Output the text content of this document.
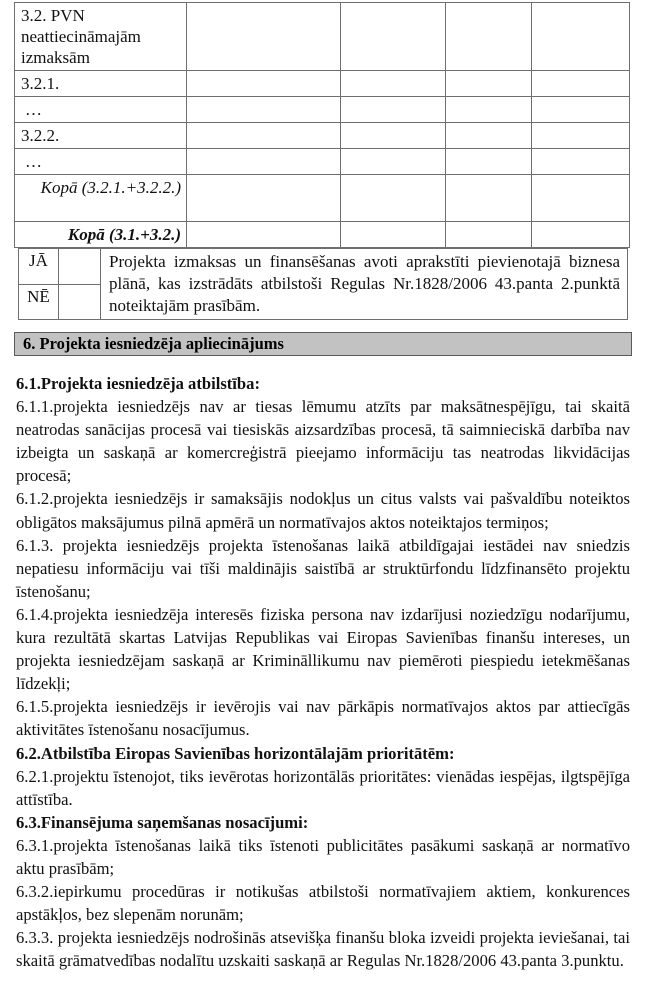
3.2. PVN neattiecināmajām izmaksām				
3.2.1.				
…				
3.2.2.				
…				
Kopā (3.2.1.+3.2.2.)				
Kopā (3.1.+3.2.)				
JĀ		Projekta izmaksas un finansēšanas avoti aprakstīti pievienotajā biznesa plānā, kas izstrādāts atbilstoši Regulas Nr.1828/2006 43.panta 2.punktā noteiktajām prasībām.
NĒ		
6. Projekta iesniedzēja apliecinājums

6.1.Projekta iesniedzēja atbilstība:

6.1.1.projekta iesniedzējs nav ar tiesas lēmumu atzīts par maksātnespējīgu, tai skaitā neatrodas sanācijas procesā vai tiesiskās aizsardzības procesā, tā saimnieciskā darbība nav izbeigta un saskaņā ar komercreģistrā pieejamo informāciju tas neatrodas likvidācijas procesā;

6.1.2.projekta iesniedzējs ir samaksājis nodokļus un citus valsts vai pašvaldību noteiktos obligātos maksājumus pilnā apmērā un normatīvajos aktos noteiktajos termiņos;

6.1.3. projekta iesniedzējs projekta īstenošanas laikā atbildīgajai iestādei nav sniedzis nepatiesu informāciju vai tīši maldinājis saistībā ar struktūrfondu līdzfinansēto projektu īstenošanu;

6.1.4.projekta iesniedzēja interesēs fiziska persona nav izdarījusi noziedzīgu nodarījumu, kura rezultātā skartas Latvijas Republikas vai Eiropas Savienības finanšu intereses, un projekta iesniedzējam saskaņā ar Krimināllikumu nav piemēroti piespiedu ietekmēšanas līdzekļi;

6.1.5.projekta iesniedzējs ir ievērojis vai nav pārkāpis normatīvajos aktos par attiecīgās aktivitātes īstenošanu nosacījumus.

6.2.Atbilstība Eiropas Savienības horizontālajām prioritātēm:

6.2.1.projektu īstenojot, tiks ievērotas horizontālās prioritātes: vienādas iespējas, ilgtspējīga attīstība.

6.3.Finansējuma saņemšanas nosacījumi:

6.3.1.projekta īstenošanas laikā tiks īstenoti publicitātes pasākumi saskaņā ar normatīvo aktu prasībām;

6.3.2.iepirkumu procedūras ir notikušas atbilstoši normatīvajiem aktiem, konkurences apstākļos, bez slepenām norunām;

6.3.3. projekta iesniedzējs nodrošinās atsevišķa finanšu bloka izveidi projekta ieviešanai, tai skaitā grāmatvedības nodalītu uzskaiti saskaņā ar Regulas Nr.1828/2006 43.panta 3.punktu.
